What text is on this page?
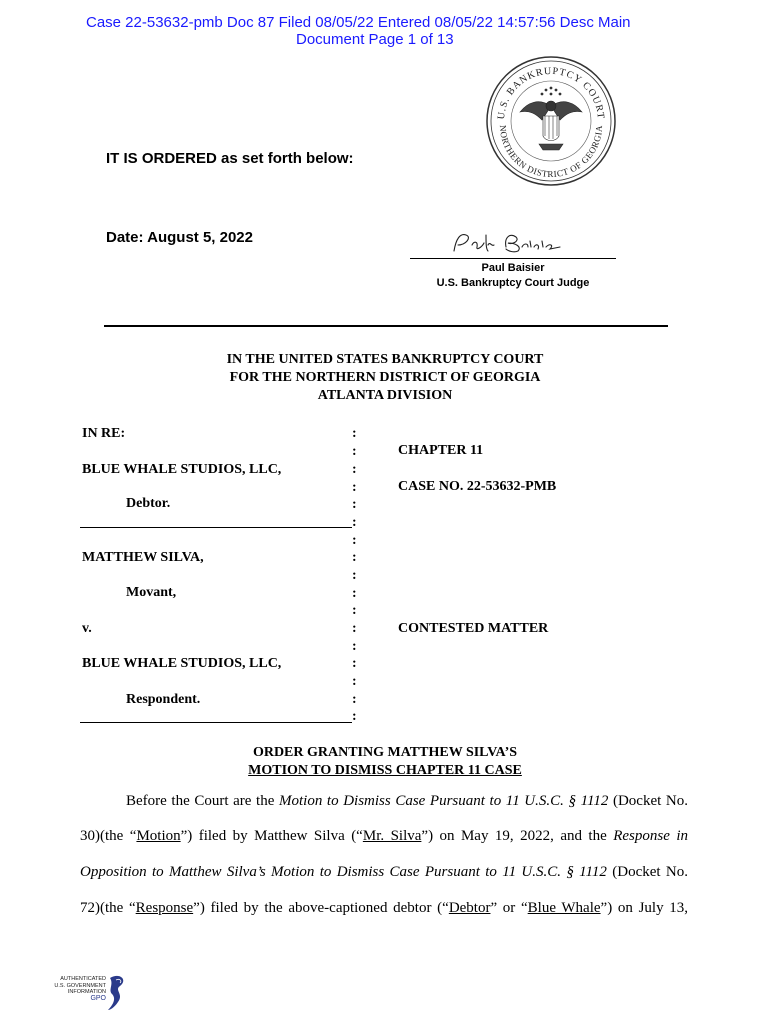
Case 22-53632-pmb Doc 87 Filed 08/05/22 Entered 08/05/22 14:57:56 Desc Main
Document Page 1 of 13
U.S. BANKRUPTCY COURT
NORTHERN DISTRICT OF GEORGIA
IT IS ORDERED as set forth below:
Date: August 5, 2022
Paul Baisier
U.S. Bankruptcy Court Judge
IN THE UNITED STATES BANKRUPTCY COURT
FOR THE NORTHERN DISTRICT OF GEORGIA
ATLANTA DIVISION
IN RE:
BLUE WHALE STUDIOS, LLC,
Debtor.
MATTHEW SILVA,
Movant,
v.
BLUE WHALE STUDIOS, LLC,
Respondent.
:
:
:
:
:
:
:
:
:
:
:
:
:
:
:
:
:
CHAPTER 11
CASE NO. 22-53632-PMB
CONTESTED MATTER
ORDER GRANTING MATTHEW SILVA’S
MOTION TO DISMISS CHAPTER 11 CASE
Before the Court are the Motion to Dismiss Case Pursuant to 11 U.S.C. § 1112 (Docket No.
30)(the “Motion”) filed by Matthew Silva (“Mr. Silva”) on May 19, 2022, and the Response in
Opposition to Matthew Silva’s Motion to Dismiss Case Pursuant to 11 U.S.C. § 1112 (Docket No.
72)(the “Response”) filed by the above-captioned debtor (“Debtor” or “Blue Whale”) on July 13,
AUTHENTICATED
U.S. GOVERNMENT
INFORMATION
GPO
